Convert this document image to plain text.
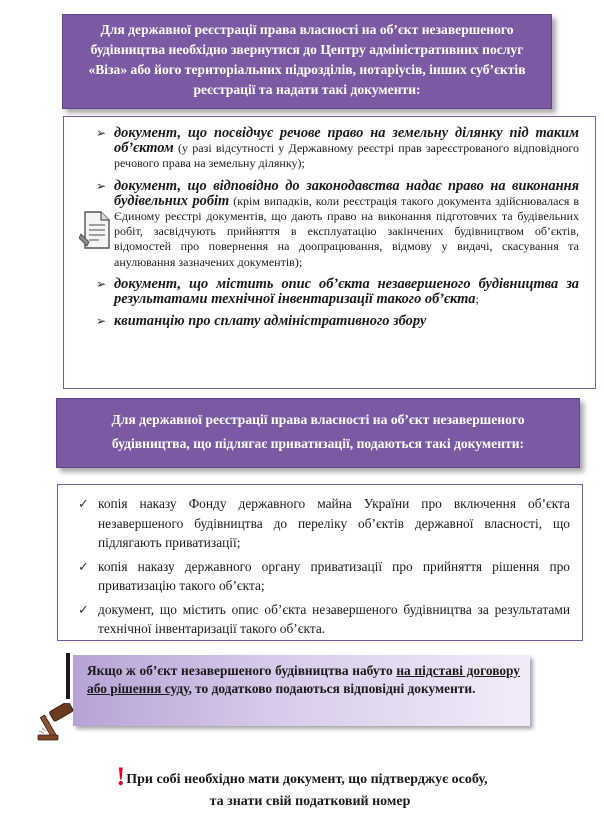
Для державної реєстрації права власності на об’єкт незавершеного будівництва необхідно звернутися до Центру адміністративних послуг «Віза» або його територіальних підрозділів, нотаріусів, інших суб’єктів реєстрації та надати такі документи:
➢ документ, що посвідчує речове право на земельну ділянку під таким об’єктом (у разі відсутності у Державному реєстрі прав зареєстрованого відповідного речового права на земельну ділянку);
➢ документ, що відповідно до законодавства надає право на виконання будівельних робіт (крім випадків, коли реєстрація такого документа здійснювалася в Єдиному реєстрі документів, що дають право на виконання підготовчих та будівельних робіт, засвідчують прийняття в експлуатацію закінчених будівництвом об’єктів, відомостей про повернення на доопрацювання, відмову у видачі, скасування та анулювання зазначених документів);
➢ документ, що містить опис об’єкта незавершеного будівництва за результатами технічної інвентаризації такого об’єкта;
➢ квитанцію про сплату адміністративного збору
Для державної реєстрації права власності на об’єкт незавершеного будівництва, що підлягає приватизації, подаються такі документи:
✓ копія наказу Фонду державного майна України про включення об’єкта незавершеного будівництва до переліку об’єктів державної власності, що підлягають приватизації;
✓ копія наказу державного органу приватизації про прийняття рішення про приватизацію такого об’єкта;
✓ документ, що містить опис об’єкта незавершеного будівництва за результатами технічної інвентаризації такого об’єкта.
Якщо ж об’єкт незавершеного будівництва набуто на підставі договору або рішення суду, то додатково подаються відповідні документи.
!При собі необхідно мати документ, що підтверджує особу,
та знати свій податковий номер
